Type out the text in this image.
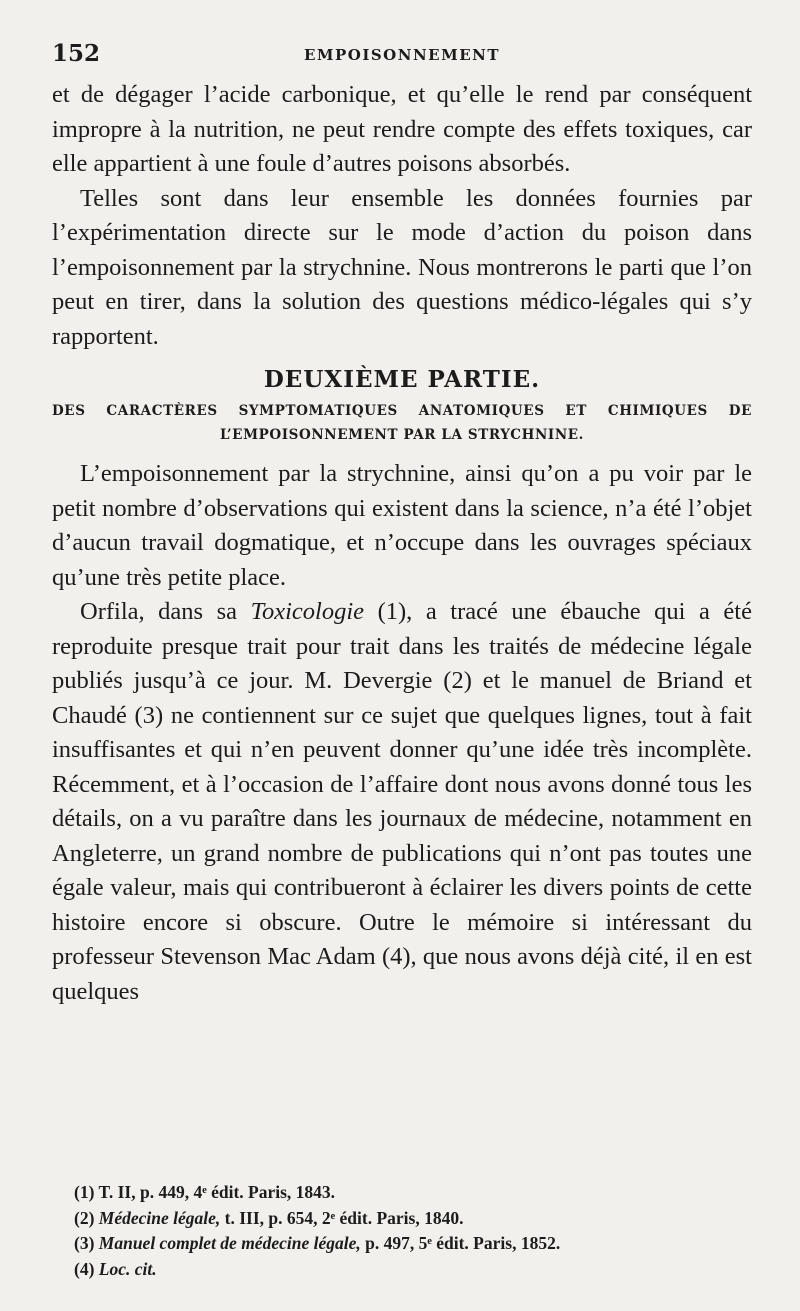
152	EMPOISONNEMENT

et de dégager l’acide carbonique, et qu’elle le rend par conséquent impropre à la nutrition, ne peut rendre compte des effets toxiques, car elle appartient à une foule d’autres poisons absorbés.

Telles sont dans leur ensemble les données fournies par l’expérimentation directe sur le mode d’action du poison dans l’empoisonnement par la strychnine. Nous montrerons le parti que l’on peut en tirer, dans la solution des questions médico-légales qui s’y rapportent.

DEUXIÈME PARTIE.
DES CARACTÈRES SYMPTOMATIQUES ANATOMIQUES ET CHIMIQUES DE L’EMPOISONNEMENT PAR LA STRYCHNINE.

L’empoisonnement par la strychnine, ainsi qu’on a pu voir par le petit nombre d’observations qui existent dans la science, n’a été l’objet d’aucun travail dogmatique, et n’occupe dans les ouvrages spéciaux qu’une très petite place.

Orfila, dans sa Toxicologie (1), a tracé une ébauche qui a été reproduite presque trait pour trait dans les traités de médecine légale publiés jusqu’à ce jour. M. Devergie (2) et le manuel de Briand et Chaudé (3) ne contiennent sur ce sujet que quelques lignes, tout à fait insuffisantes et qui n’en peuvent donner qu’une idée très incomplète. Récemment, et à l’occasion de l’affaire dont nous avons donné tous les détails, on a vu paraître dans les journaux de médecine, notamment en Angleterre, un grand nombre de publications qui n’ont pas toutes une égale valeur, mais qui contribueront à éclairer les divers points de cette histoire encore si obscure. Outre le mémoire si intéressant du professeur Stevenson Mac Adam (4), que nous avons déjà cité, il en est quelques

(1) T. II, p. 449, 4ᵉ édit. Paris, 1843.
(2) Médecine légale, t. III, p. 654, 2ᵉ édit. Paris, 1840.
(3) Manuel complet de médecine légale, p. 497, 5ᵉ édit. Paris, 1852.
(4) Loc. cit.
